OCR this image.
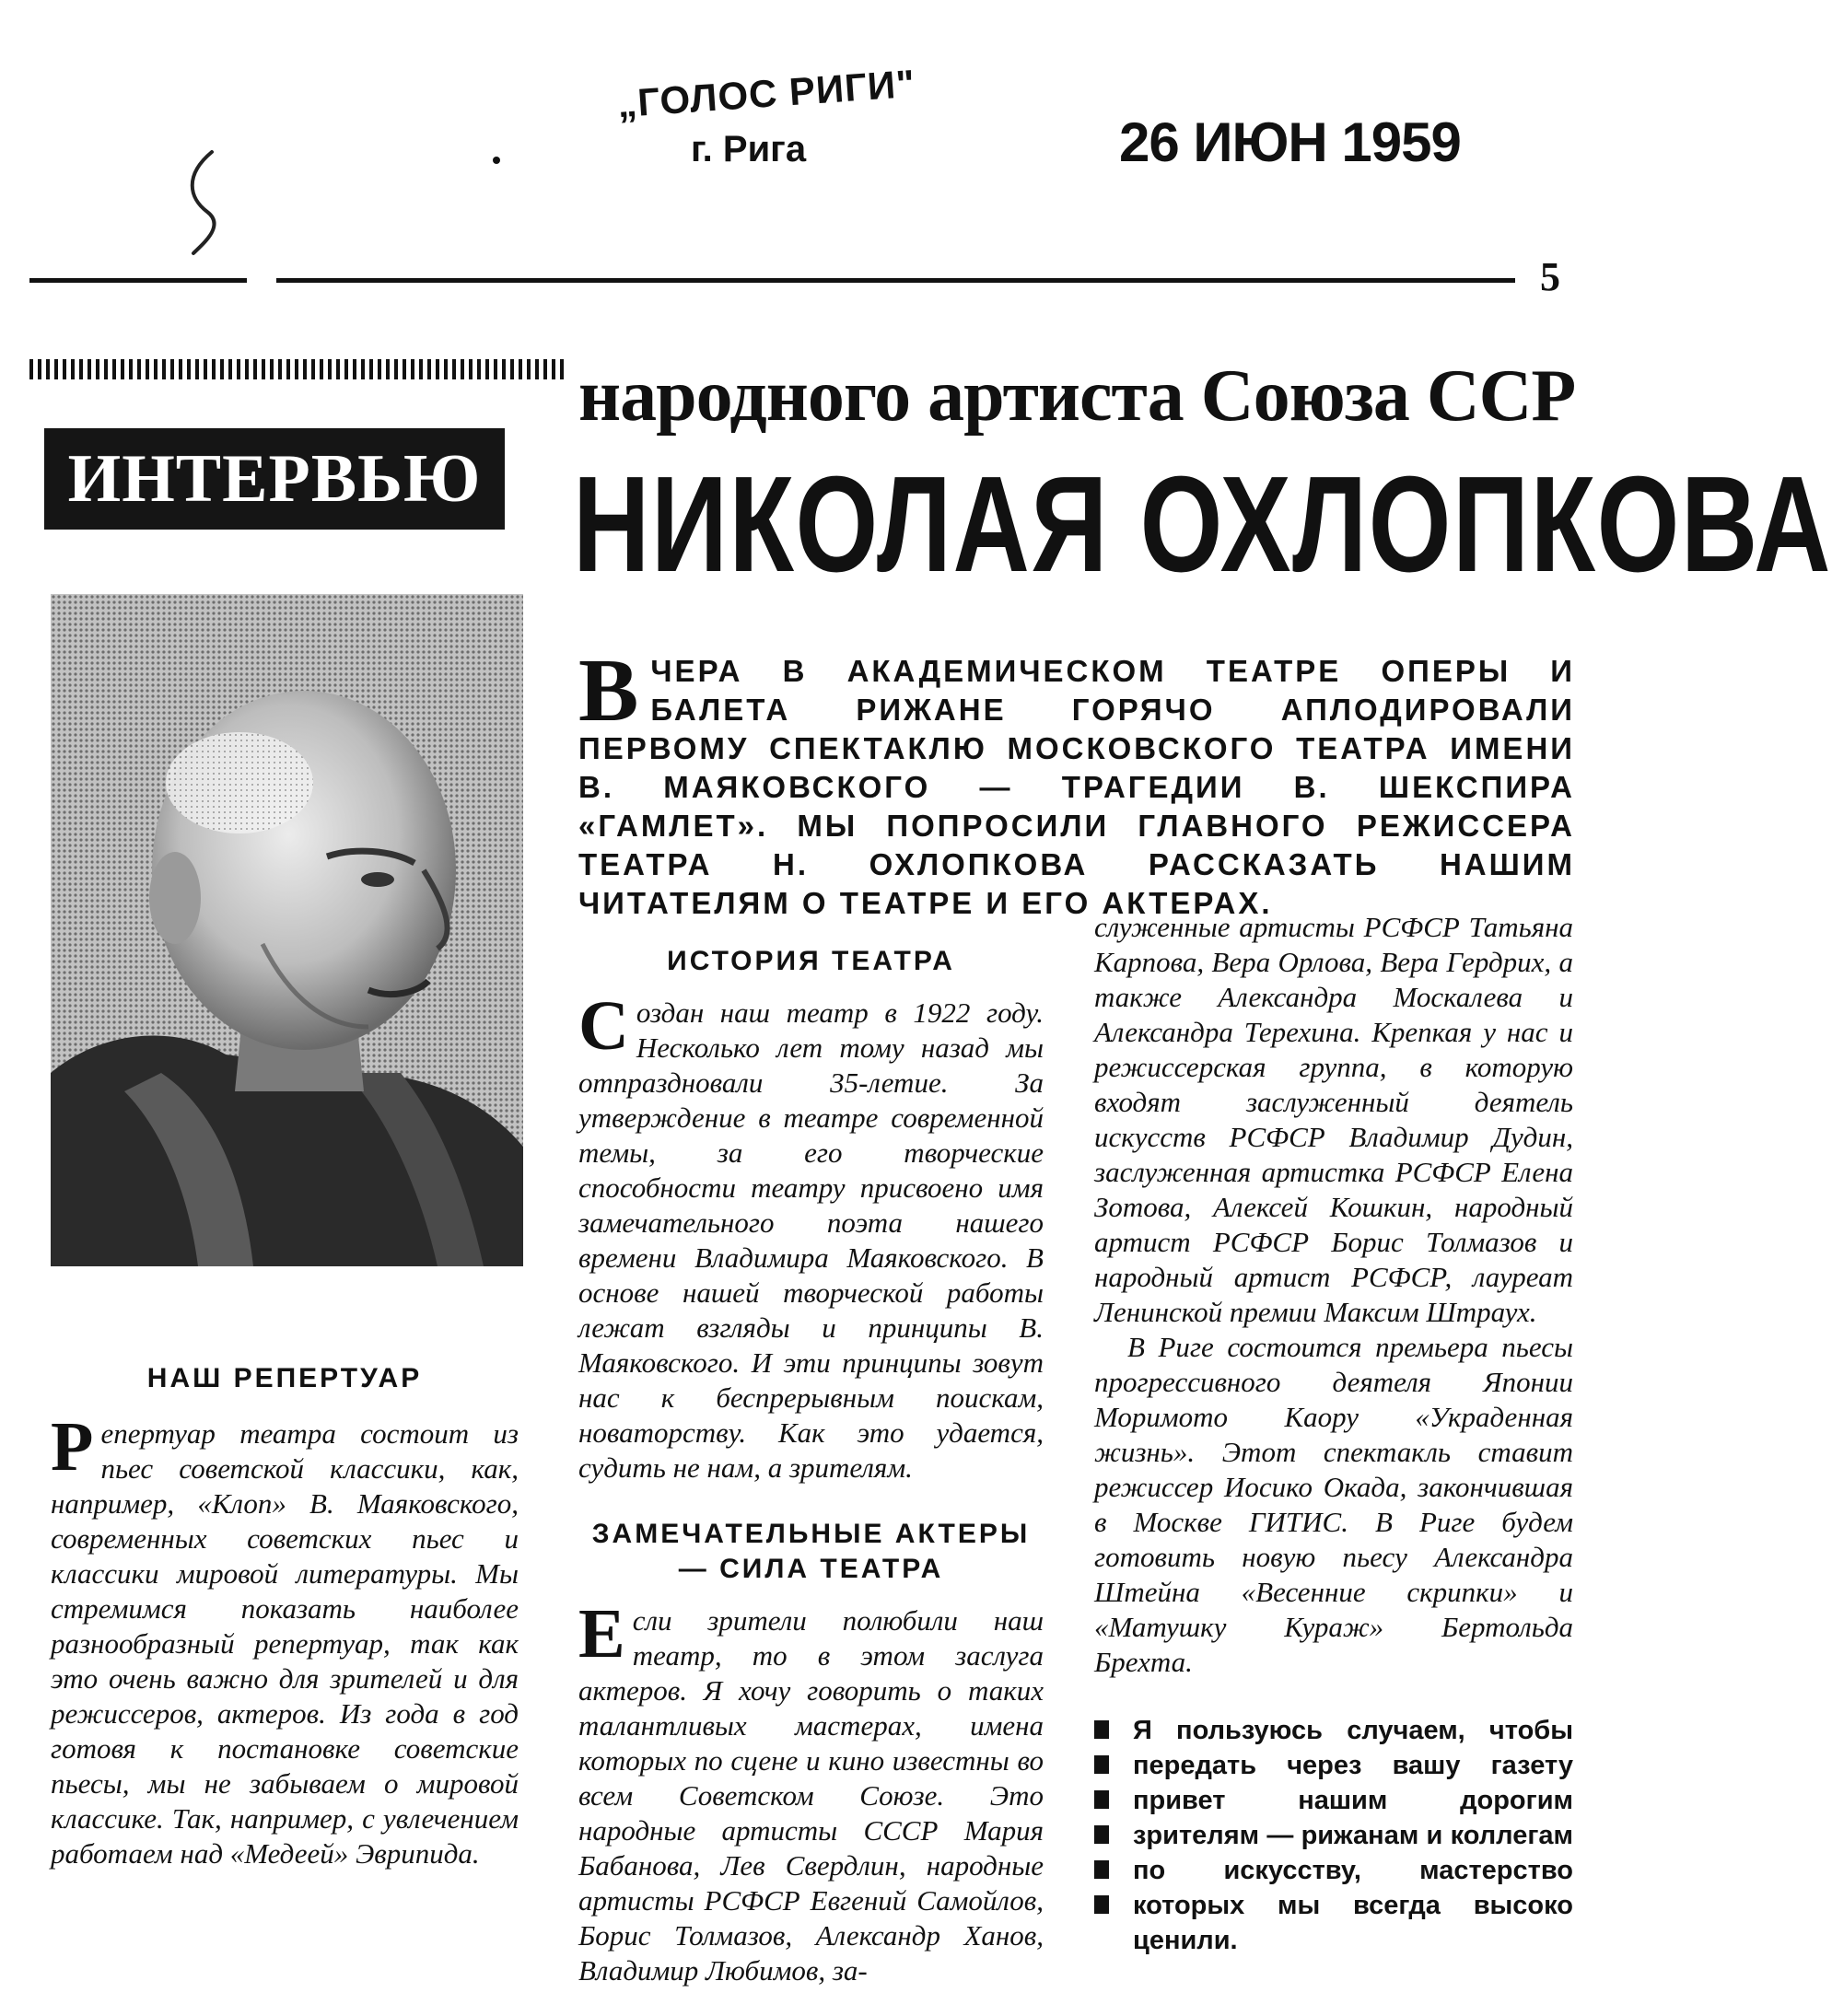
„ГОЛОС РИГИ"
г. Рига	26 ИЮН 1959
5
ИНТЕРВЬЮ
народного артиста Союза ССР
НИКОЛАЯ ОХЛОПКОВА
ВЧЕРА В АКАДЕМИЧЕСКОМ ТЕАТРЕ ОПЕРЫ И БАЛЕТА РИЖАНЕ ГОРЯЧО АПЛОДИРОВАЛИ ПЕРВОМУ СПЕКТАКЛЮ МОСКОВСКОГО ТЕАТРА ИМЕНИ В. МАЯКОВСКОГО — ТРАГЕДИИ В. ШЕКСПИРА «ГАМЛЕТ». МЫ ПОПРОСИЛИ ГЛАВНОГО РЕЖИССЕРА ТЕАТРА Н. ОХЛОПКОВА РАССКАЗАТЬ НАШИМ ЧИТАТЕЛЯМ О ТЕАТРЕ И ЕГО АКТЕРАХ.
НАШ РЕПЕРТУАР

Репертуар театра состоит из пьес советской классики, как, например, «Клоп» В. Маяковского, современных советских пьес и классики мировой литературы. Мы стремимся показать наиболее разнообразный репертуар, так как это очень важно для зрителей и для режиссеров, актеров. Из года в год готовя к постановке советские пьесы, мы не забываем о мировой классике. Так, например, с увлечением работаем над «Медеей» Эврипида.

ИСТОРИЯ ТЕАТРА

Создан наш театр в 1922 году. Несколько лет тому назад мы отпраздновали 35-летие. За утверждение в театре современной темы, за его творческие способности театру присвоено имя замечательного поэта нашего времени Владимира Маяковского. В основе нашей творческой работы лежат взгляды и принципы В. Маяковского. И эти принципы зовут нас к беспрерывным поискам, новаторству. Как это удается, судить не нам, а зрителям.

ЗАМЕЧАТЕЛЬНЫЕ АКТЕРЫ
— СИЛА ТЕАТРА

Если зрители полюбили наш театр, то в этом заслуга актеров. Я хочу говорить о таких талантливых мастерах, имена которых по сцене и кино известны во всем Советском Союзе. Это народные артисты СССР Мария Бабанова, Лев Свердлин, народные артисты РСФСР Евгений Самойлов, Борис Толмазов, Александр Ханов, Владимир Любимов, за-

служенные артисты РСФСР Татьяна Карпова, Вера Орлова, Вера Гердрих, а также Александра Москалева и Александра Терехина. Крепкая у нас и режиссерская группа, в которую входят заслуженный деятель искусств РСФСР Владимир Дудин, заслуженная артистка РСФСР Елена Зотова, Алексей Кошкин, народный артист РСФСР Борис Толмазов и народный артист РСФСР, лауреат Ленинской премии Максим Штраух.

В Риге состоится премьера пьесы прогрессивного деятеля Японии Моримото Каору «Украденная жизнь». Этот спектакль ставит режиссер Иосико Окада, закончившая в Москве ГИТИС. В Риге будем готовить новую пьесу Александра Штейна «Весенние скрипки» и «Матушку Кураж» Бертольда Брехта.

Я пользуюсь случаем, чтобы передать через вашу газету привет нашим дорогим зрителям — рижанам и коллегам по искусству, мастерство которых мы всегда высоко ценили.
